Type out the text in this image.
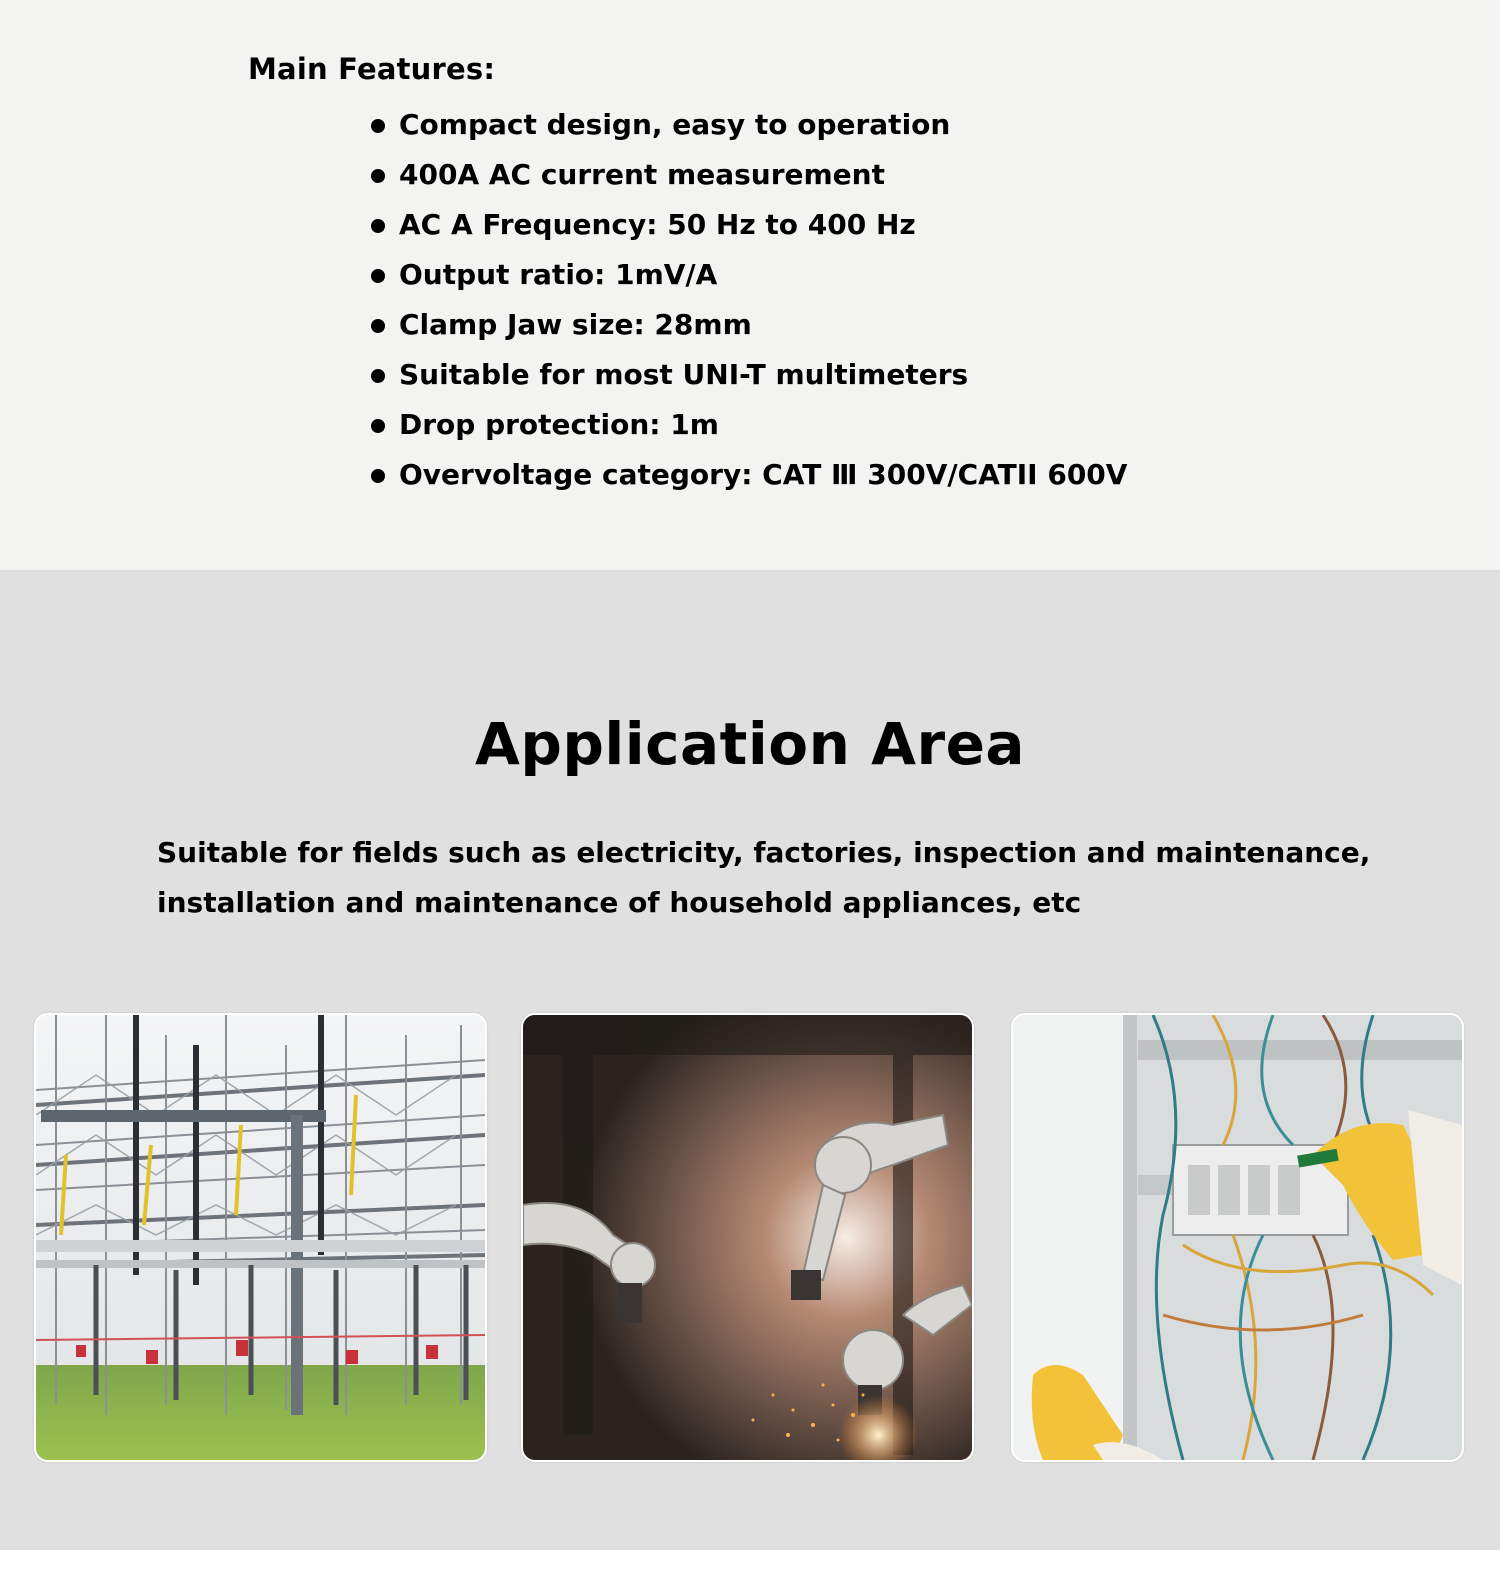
Main Features:
Compact design, easy to operation
400A AC current measurement
AC A Frequency: 50 Hz to 400 Hz
Output ratio: 1mV/A
Clamp Jaw size: 28mm
Suitable for most UNI-T multimeters
Drop protection: 1m
Overvoltage category: CAT Ⅲ 300V/CATII 600V
Application Area

Suitable for fields such as electricity, factories, inspection and maintenance, installation and maintenance of household appliances, etc
